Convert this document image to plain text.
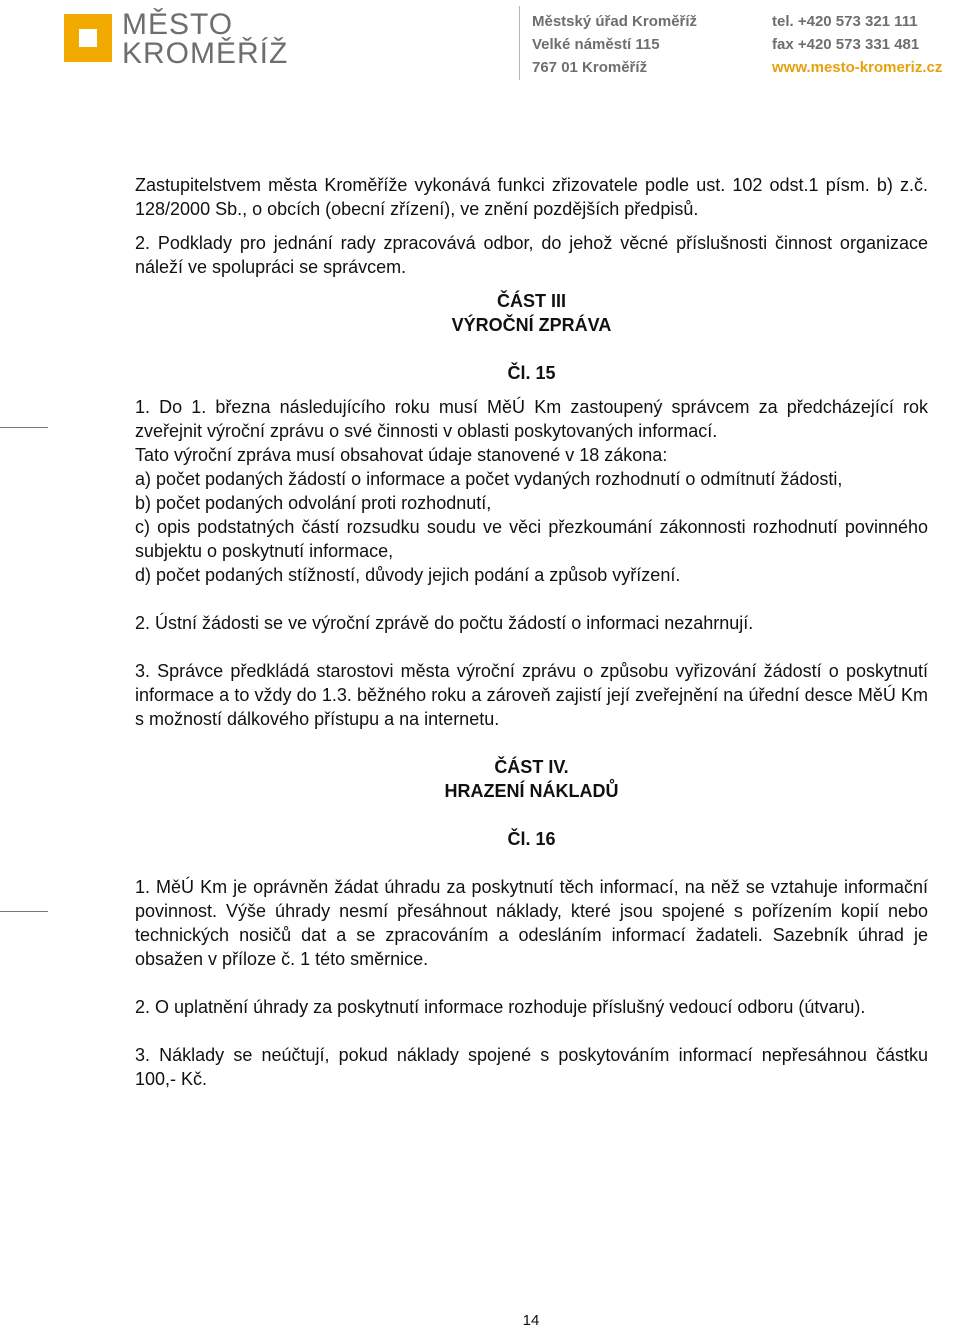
MĚSTO
KROMĚŘÍŽ
Městský úřad Kroměříž
Velké náměstí 115
767 01 Kroměříž
tel. +420 573 321 111
fax +420 573 331 481
www.mesto-kromeriz.cz

Zastupitelstvem města Kroměříže vykonává funkci zřizovatele podle ust. 102 odst.1 písm. b) z.č. 128/2000 Sb., o obcích (obecní zřízení), ve znění pozdějších předpisů.

2. Podklady pro jednání rady zpracovává odbor, do jehož věcné příslušnosti činnost organizace náleží ve spolupráci se správcem.

ČÁST III

VÝROČNÍ ZPRÁVA

Čl. 15

1. Do 1. března následujícího roku musí MěÚ Km zastoupený správcem za předcházející rok zveřejnit výroční zprávu o své činnosti v oblasti poskytovaných informací.

Tato výroční zpráva musí obsahovat údaje stanovené v 18 zákona:

a) počet podaných žádostí o informace a počet vydaných rozhodnutí o odmítnutí žádosti,

b) počet podaných odvolání proti rozhodnutí,

c) opis podstatných částí rozsudku soudu ve věci přezkoumání zákonnosti rozhodnutí povinného subjektu o poskytnutí informace,

d) počet podaných stížností, důvody jejich podání a způsob vyřízení.

2. Ústní žádosti se ve výroční zprávě do počtu žádostí o informaci nezahrnují.

3. Správce předkládá starostovi města výroční zprávu o způsobu vyřizování žádostí o poskytnutí informace a to vždy do 1.3. běžného roku a zároveň zajistí její zveřejnění na úřední desce MěÚ Km s možností dálkového přístupu a na internetu.

ČÁST IV.

HRAZENÍ NÁKLADŮ

Čl. 16

1. MěÚ Km je oprávněn žádat úhradu za poskytnutí těch informací, na něž se vztahuje informační povinnost. Výše úhrady nesmí přesáhnout náklady, které jsou spojené s pořízením kopií nebo technických nosičů dat a se zpracováním a odesláním informací žadateli. Sazebník úhrad je obsažen v příloze č. 1 této směrnice.

2. O uplatnění úhrady za poskytnutí informace rozhoduje příslušný vedoucí odboru (útvaru).

3. Náklady se neúčtují, pokud náklady spojené s poskytováním informací nepřesáhnou částku 100,- Kč.

14
